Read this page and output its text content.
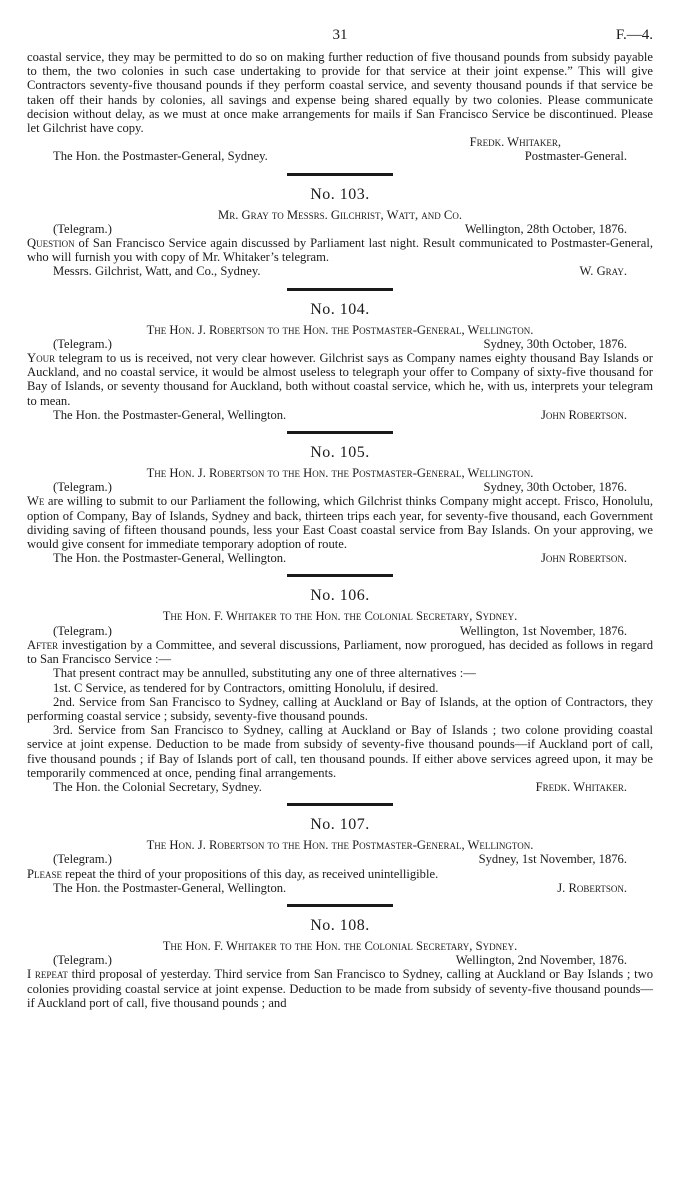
31	F.—4.

coastal service, they may be permitted to do so on making further reduction of five thousand pounds from subsidy payable to them, the two colonies in such case undertaking to provide for that service at their joint expense.” This will give Contractors seventy-five thousand pounds if they perform coastal service, and seventy thousand pounds if that service be taken off their hands by colonies, all savings and expense being shared equally by two colonies. Please communicate decision without delay, as we must at once make arrangements for mails if San Francisco Service be discontinued. Please let Gilchrist have copy.

Fredk. Whitaker,

The Hon. the Postmaster-General, Sydney.	Postmaster-General.
No. 103.

Mr. Gray to Messrs. Gilchrist, Watt, and Co.

(Telegram.)	Wellington, 28th October, 1876.

Question of San Francisco Service again discussed by Parliament last night. Result communicated to Postmaster-General, who will furnish you with copy of Mr. Whitaker’s telegram.

Messrs. Gilchrist, Watt, and Co., Sydney.	W. Gray.
No. 104.

The Hon. J. Robertson to the Hon. the Postmaster-General, Wellington.

(Telegram.)	Sydney, 30th October, 1876.

Your telegram to us is received, not very clear however. Gilchrist says as Company names eighty thousand Bay Islands or Auckland, and no coastal service, it would be almost useless to telegraph your offer to Company of sixty-five thousand for Bay of Islands, or seventy thousand for Auckland, both without coastal service, which he, with us, interprets your telegram to mean.

The Hon. the Postmaster-General, Wellington.	John Robertson.
No. 105.

The Hon. J. Robertson to the Hon. the Postmaster-General, Wellington.

(Telegram.)	Sydney, 30th October, 1876.

We are willing to submit to our Parliament the following, which Gilchrist thinks Company might accept. Frisco, Honolulu, option of Company, Bay of Islands, Sydney and back, thirteen trips each year, for seventy-five thousand, each Government dividing saving of fifteen thousand pounds, less your East Coast coastal service from Bay Islands. On your approving, we would give consent for immediate temporary adoption of route.

The Hon. the Postmaster-General, Wellington.	John Robertson.
No. 106.

The Hon. F. Whitaker to the Hon. the Colonial Secretary, Sydney.

(Telegram.)	Wellington, 1st November, 1876.

After investigation by a Committee, and several discussions, Parliament, now prorogued, has decided as follows in regard to San Francisco Service :—

That present contract may be annulled, substituting any one of three alternatives :—

1st. C Service, as tendered for by Contractors, omitting Honolulu, if desired.

2nd. Service from San Francisco to Sydney, calling at Auckland or Bay of Islands, at the option of Contractors, they performing coastal service ; subsidy, seventy-five thousand pounds.

3rd. Service from San Francisco to Sydney, calling at Auckland or Bay of Islands ; two colone providing coastal service at joint expense. Deduction to be made from subsidy of seventy-five thousand pounds—if Auckland port of call, five thousand pounds ; if Bay of Islands port of call, ten thousand pounds. If either above services agreed upon, it may be temporarily commenced at once, pending final arrangements.

The Hon. the Colonial Secretary, Sydney.	Fredk. Whitaker.
No. 107.

The Hon. J. Robertson to the Hon. the Postmaster-General, Wellington.

(Telegram.)	Sydney, 1st November, 1876.

Please repeat the third of your propositions of this day, as received unintelligible.

The Hon. the Postmaster-General, Wellington.	J. Robertson.
No. 108.

The Hon. F. Whitaker to the Hon. the Colonial Secretary, Sydney.

(Telegram.)	Wellington, 2nd November, 1876.

I repeat third proposal of yesterday. Third service from San Francisco to Sydney, calling at Auckland or Bay Islands ; two colonies providing coastal service at joint expense. Deduction to be made from subsidy of seventy-five thousand pounds—if Auckland port of call, five thousand pounds ; and
